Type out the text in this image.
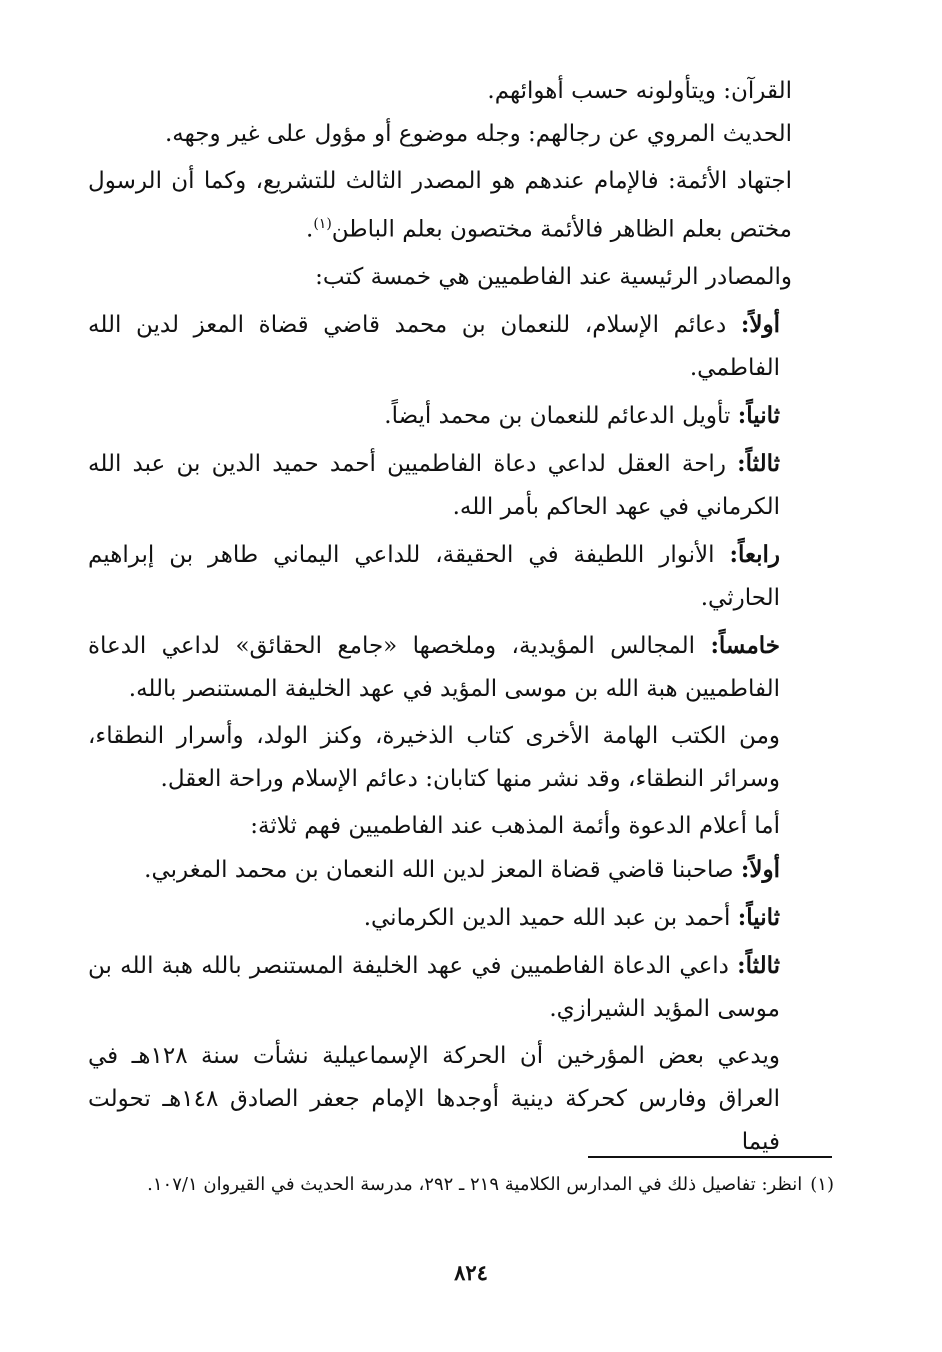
القرآن: ويتأولونه حسب أهوائهم.

الحديث المروي عن رجالهم: وجله موضوع أو مؤول على غير وجهه.

اجتهاد الأئمة: فالإمام عندهم هو المصدر الثالث للتشريع، وكما أن الرسول مختص بعلم الظاهر فالأئمة مختصون بعلم الباطن$^{(١)}$.

والمصادر الرئيسية عند الفاطميين هي خمسة كتب:

أولاً: دعائم الإسلام، للنعمان بن محمد قاضي قضاة المعز لدين الله الفاطمي.

ثانياً: تأويل الدعائم للنعمان بن محمد أيضاً.

ثالثاً: راحة العقل لداعي دعاة الفاطميين أحمد حميد الدين بن عبد الله الكرماني في عهد الحاكم بأمر الله.

رابعاً: الأنوار اللطيفة في الحقيقة، للداعي اليماني طاهر بن إبراهيم الحارثي.

خامساً: المجالس المؤيدية، وملخصها «جامع الحقائق» لداعي الدعاة الفاطميين هبة الله بن موسى المؤيد في عهد الخليفة المستنصر بالله.

ومن الكتب الهامة الأخرى كتاب الذخيرة، وكنز الولد، وأسرار النطقاء، وسرائر النطقاء، وقد نشر منها كتابان: دعائم الإسلام وراحة العقل.

أما أعلام الدعوة وأئمة المذهب عند الفاطميين فهم ثلاثة:

أولاً: صاحبنا قاضي قضاة المعز لدين الله النعمان بن محمد المغربي.

ثانياً: أحمد بن عبد الله حميد الدين الكرماني.

ثالثاً: داعي الدعاة الفاطميين في عهد الخليفة المستنصر بالله هبة الله بن موسى المؤيد الشيرازي.

ويدعي بعض المؤرخين أن الحركة الإسماعيلية نشأت سنة ١٢٨هـ في العراق وفارس كحركة دينية أوجدها الإمام جعفر الصادق ١٤٨هـ تحولت فيما

(١)انظر: تفاصيل ذلك في المدارس الكلامية ٢١٩ ـ ٢٩٢، مدرسة الحديث في القيروان ١٠٧/١.
٨٢٤
